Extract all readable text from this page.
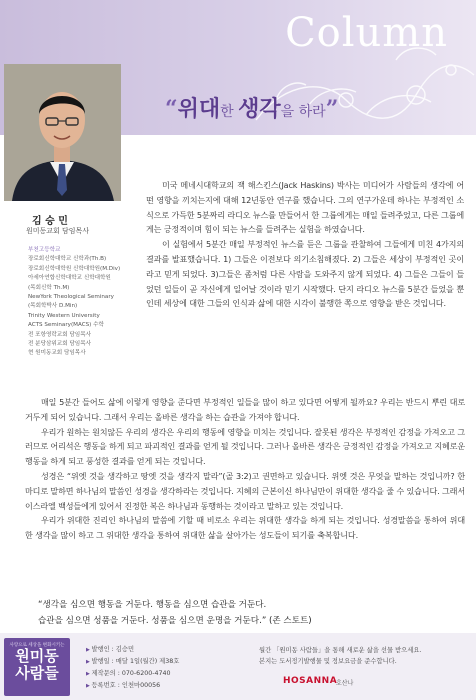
Column
“위대한 생각을 하라”
김 승 민
원미동교회 담임목사
부천고등학교
장로회신학대학교 신학과(Th.B)
장로회신학대학원 신학대학원(M.Div)
아세아연합신학대학교 신학대학원
(목회신학 Th.M)
NewYork Theological Seminary
(목회학박사 D.Min)
Trinity Western University
ACTS Seminary(MACS) 수학
전 포항영락교회 담임목사
전 분당삼위교회 담임목사
현 원미동교회 담임목사

미국 메네시대학교의 잭 해스킨스(Jack Haskins) 박사는 미디어가 사람들의 생각에 어떤 영향을 끼치는지에 대해 12년동안 연구를 했습니다. 그의 연구가운데 하나는 부정적인 소식으로 가득한 5분짜리 라디오 뉴스를 만들어서 한 그룹에게는 매일 들려주었고, 다른 그룹에게는 긍정적이며 힘이 되는 뉴스를 들려주는 실험을 하였습니다.

이 실험에서 5분간 매일 부정적인 뉴스를 듣은 그룹을 관찰하여 그들에게 미친 4가지의 결과를 발표했습니다. 1) 그들은 이전보다 의기소침해졌다. 2) 그들은 세상이 부정적인 곳이라고 믿게 되었다. 3)그들은 좀처럼 다른 사람을 도와주지 않게 되었다. 4) 그들은 그들이 들었던 일들이 곧 자신에게 일어날 것이라 믿기 시작했다. 단지 라디오 뉴스를 5분간 들었을 뿐인데 세상에 대한 그들의 인식과 삶에 대한 시각이 불행한 쪽으로 영향을 받은 것입니다.

매일 5분간 들어도 삶에 이렇게 영향을 준다면 부정적인 일들을 많이 하고 있다면 어떻게 될까요? 우리는 반드시 뿌린 대로 거두게 되어 있습니다. 그래서 우리는 올바른 생각을 하는 습관을 가져야 합니다.

우리가 원하는 원치않든 우리의 생각은 우리의 행동에 영향을 미치는 것입니다. 잘못된 생각은 부정적인 감정을 가져오고 그러므로 어리석은 행동을 하게 되고 파괴적인 결과를 얻게 될 것입니다. 그러나 올바른 생각은 긍정적인 감정을 가져오고 지혜로운 행동을 하게 되고 풍성한 결과를 얻게 되는 것입니다.

성경은 “위엣 것을 생각하고 땅엣 것을 생각지 말라”(골 3:2)고 권면하고 있습니다. 위엣 것은 무엇을 말하는 것입니까? 한 마디로 말하면 하나님의 말씀인 성경을 생각하라는 것입니다. 지혜의 근본이신 하나님만이 위대한 생각을 줄 수 있습니다. 그래서 이스라엘 백성들에게 있어서 진정한 복은 하나님과 동행하는 것이라고 말하고 있는 것입니다.

우리가 위대한 진리인 하나님의 말씀에 기할 때 비로소 우리는 위대한 생각을 하게 되는 것입니다. 성경말씀을 통하여 위대한 생각을 많이 하고 그 위대한 생각을 통하여 위대한 삶을 살아가는 성도들이 되기를 축복합니다.

“생각을 심으면 행동을 거둔다. 행동을 심으면 습관을 거둔다.
습관을 심으면 성품을 거둔다. 성품을 심으면 운명을 거둔다.” (존 스토트)
사랑으로 세상을 변화시키는
원미동
사람들
▶ 발행인 : 김승민
▶ 발행일 : 매달 1일(월간) 제38호
▶ 제작문의 : 070-6200-4740
▶ 등록번호 : 인천마00056
월간 「원미동 사람들」을 통해 새로운 삶을 선물 받으세요.
본지는 도서정기발행물 및 정보요금을 준수합니다.
HOSANNA
호산나
